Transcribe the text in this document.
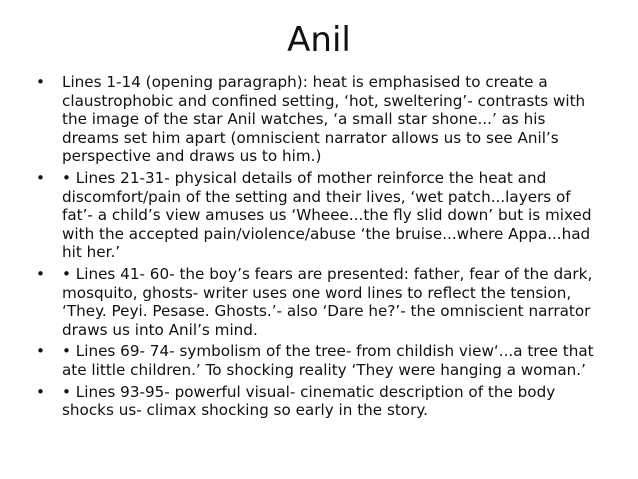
Anil
•	Lines 1-14 (opening paragraph): heat is emphasised to create a claustrophobic and confined setting, ‘hot, sweltering’- contrasts with the image of the star Anil watches, ‘a small star shone...’ as his dreams set him apart (omniscient narrator allows us to see Anil’s perspective and draws us to him.)
•	• Lines 21-31- physical details of mother reinforce the heat and discomfort/pain of the setting and their lives, ‘wet patch...layers of fat’- a child’s view amuses us ‘Wheee...the fly slid down’ but is mixed with the accepted pain/violence/abuse ‘the bruise...where Appa...had hit her.’
•	• Lines 41- 60- the boy’s fears are presented: father, fear of the dark, mosquito, ghosts- writer uses one word lines to reflect the tension, ‘They. Peyi. Pesase. Ghosts.’- also ‘Dare he?’- the omniscient narrator draws us into Anil’s mind.
•	• Lines 69- 74- symbolism of the tree- from childish view‘...a tree that ate little children.’ To shocking reality ‘They were hanging a woman.’
•	• Lines 93-95- powerful visual- cinematic description of the body shocks us- climax shocking so early in the story.
